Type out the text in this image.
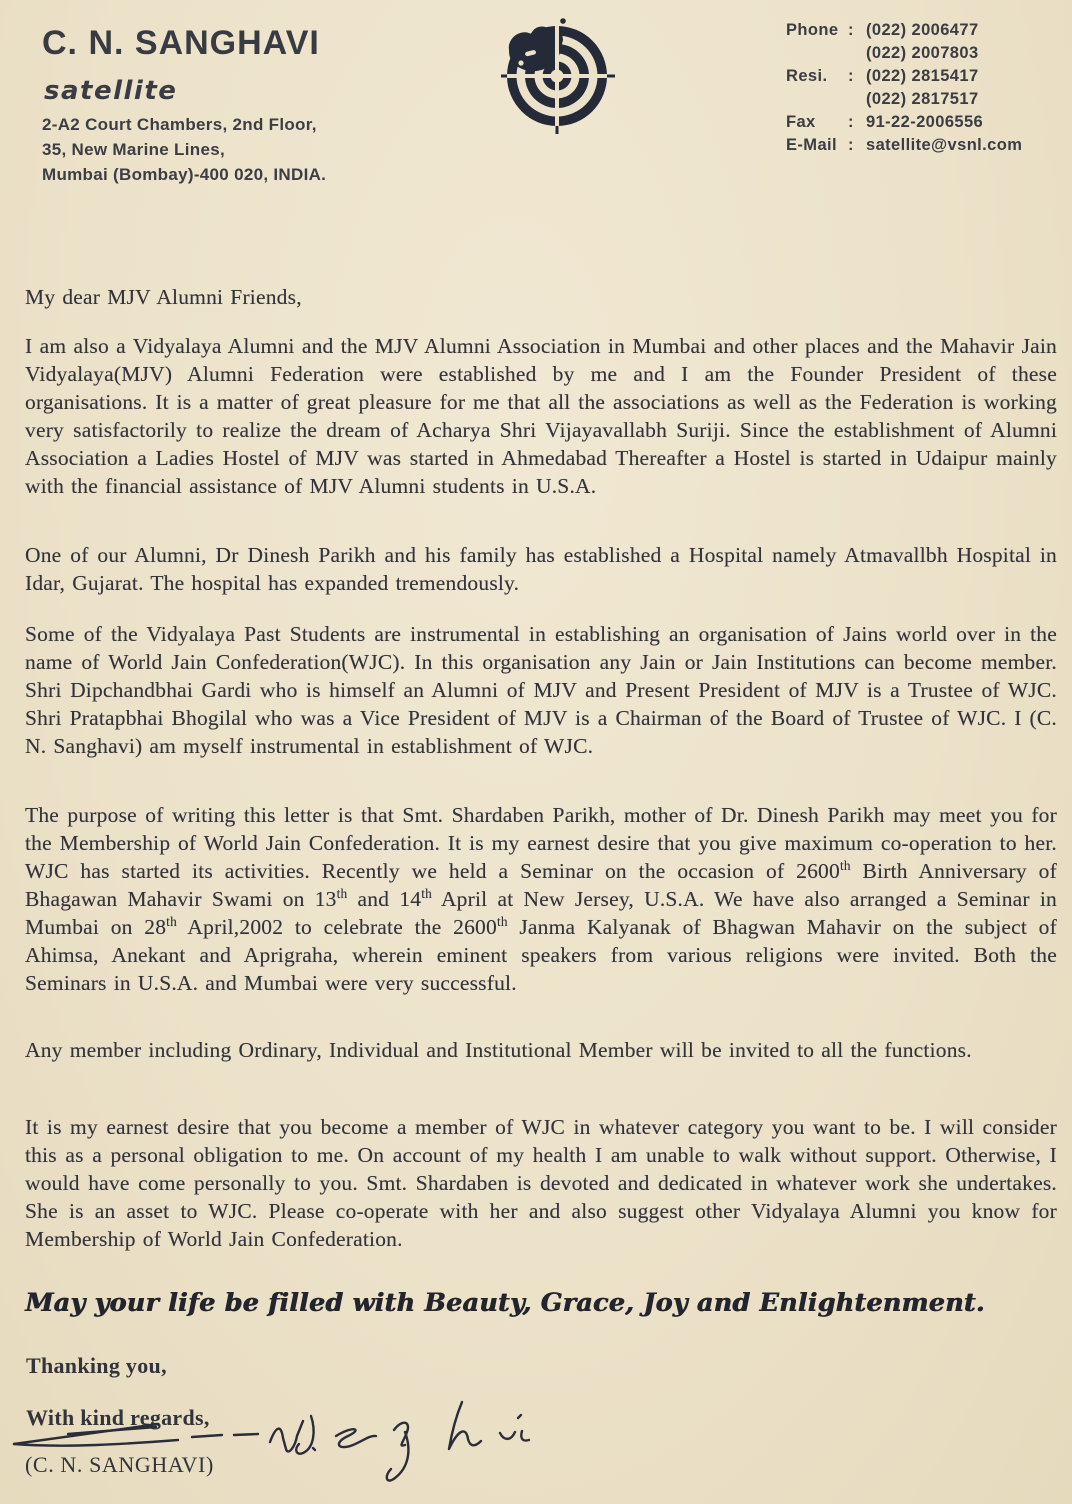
C. N. SANGHAVI
satellite
2-A2 Court Chambers, 2nd Floor,
35, New Marine Lines,
Mumbai (Bombay)-400 020, INDIA.
Phone : (022) 2006477
(022) 2007803
Resi.	: (022) 2815417
(022) 2817517
Fax	: 91-22-2006556
E-Mail : satellite@vsnl.com
My dear MJV Alumni Friends,

I am also a Vidyalaya Alumni and the MJV Alumni Association in Mumbai and other places and the Mahavir Jain Vidyalaya(MJV) Alumni Federation were established by me and I am the Founder President of these organisations. It is a matter of great pleasure for me that all the associations as well as the Federation is working very satisfactorily to realize the dream of Acharya Shri Vijayavallabh Suriji. Since the establishment of Alumni Association a Ladies Hostel of MJV was started in Ahmedabad Thereafter a Hostel is started in Udaipur mainly with the financial assistance of MJV Alumni students in U.S.A.

One of our Alumni, Dr Dinesh Parikh and his family has established a Hospital namely Atmavallbh Hospital in Idar, Gujarat. The hospital has expanded tremendously.

Some of the Vidyalaya Past Students are instrumental in establishing an organisation of Jains world over in the name of World Jain Confederation(WJC). In this organisation any Jain or Jain Institutions can become member. Shri Dipchandbhai Gardi who is himself an Alumni of MJV and Present President of MJV is a Trustee of WJC. Shri Pratapbhai Bhogilal who was a Vice President of MJV is a Chairman of the Board of Trustee of WJC. I (C. N. Sanghavi) am myself instrumental in establishment of WJC.

The purpose of writing this letter is that Smt. Shardaben Parikh, mother of Dr. Dinesh Parikh may meet you for the Membership of World Jain Confederation. It is my earnest desire that you give maximum co-operation to her. WJC has started its activities. Recently we held a Seminar on the occasion of 2600th Birth Anniversary of Bhagawan Mahavir Swami on 13th and 14th April at New Jersey, U.S.A. We have also arranged a Seminar in Mumbai on 28th April,2002 to celebrate the 2600th Janma Kalyanak of Bhagwan Mahavir on the subject of Ahimsa, Anekant and Aprigraha, wherein eminent speakers from various religions were invited. Both the Seminars in U.S.A. and Mumbai were very successful.

Any member including Ordinary, Individual and Institutional Member will be invited to all the functions.

It is my earnest desire that you become a member of WJC in whatever category you want to be. I will consider this as a personal obligation to me. On account of my health I am unable to walk without support. Otherwise, I would have come personally to you. Smt. Shardaben is devoted and dedicated in whatever work she undertakes. She is an asset to WJC. Please co-operate with her and also suggest other Vidyalaya Alumni you know for Membership of World Jain Confederation.

May your life be filled with Beauty, Grace, Joy and Enlightenment.
Thanking you,
With kind regards,
(C. N. SANGHAVI)
